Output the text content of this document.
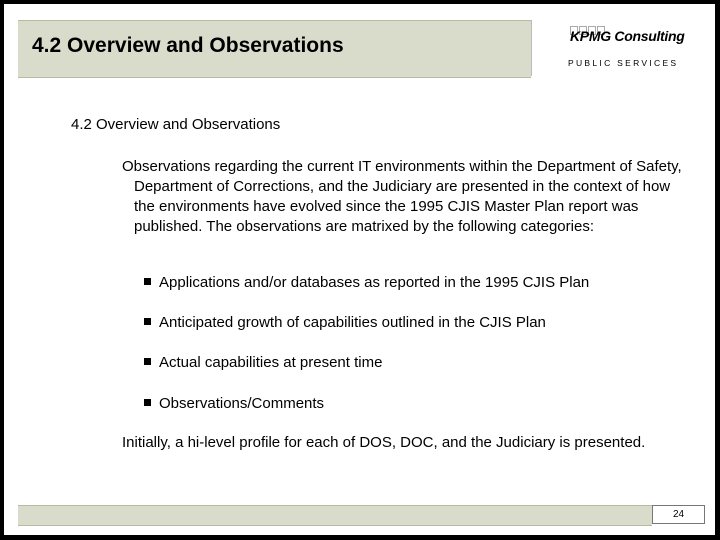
4.2 Overview and Observations	KPMG Consulting
PUBLIC SERVICES
4.2 Overview and Observations
Observations regarding the current IT environments within the Department of Safety, Department of Corrections, and the Judiciary are presented in the context of how the environments have evolved since the 1995 CJIS Master Plan report was published. The observations are matrixed by the following categories:
Applications and/or databases as reported in the 1995 CJIS Plan
Anticipated growth of capabilities outlined in the CJIS Plan
Actual capabilities at present time
Observations/Comments
Initially, a hi-level profile for each of DOS, DOC, and the Judiciary is presented.
24
